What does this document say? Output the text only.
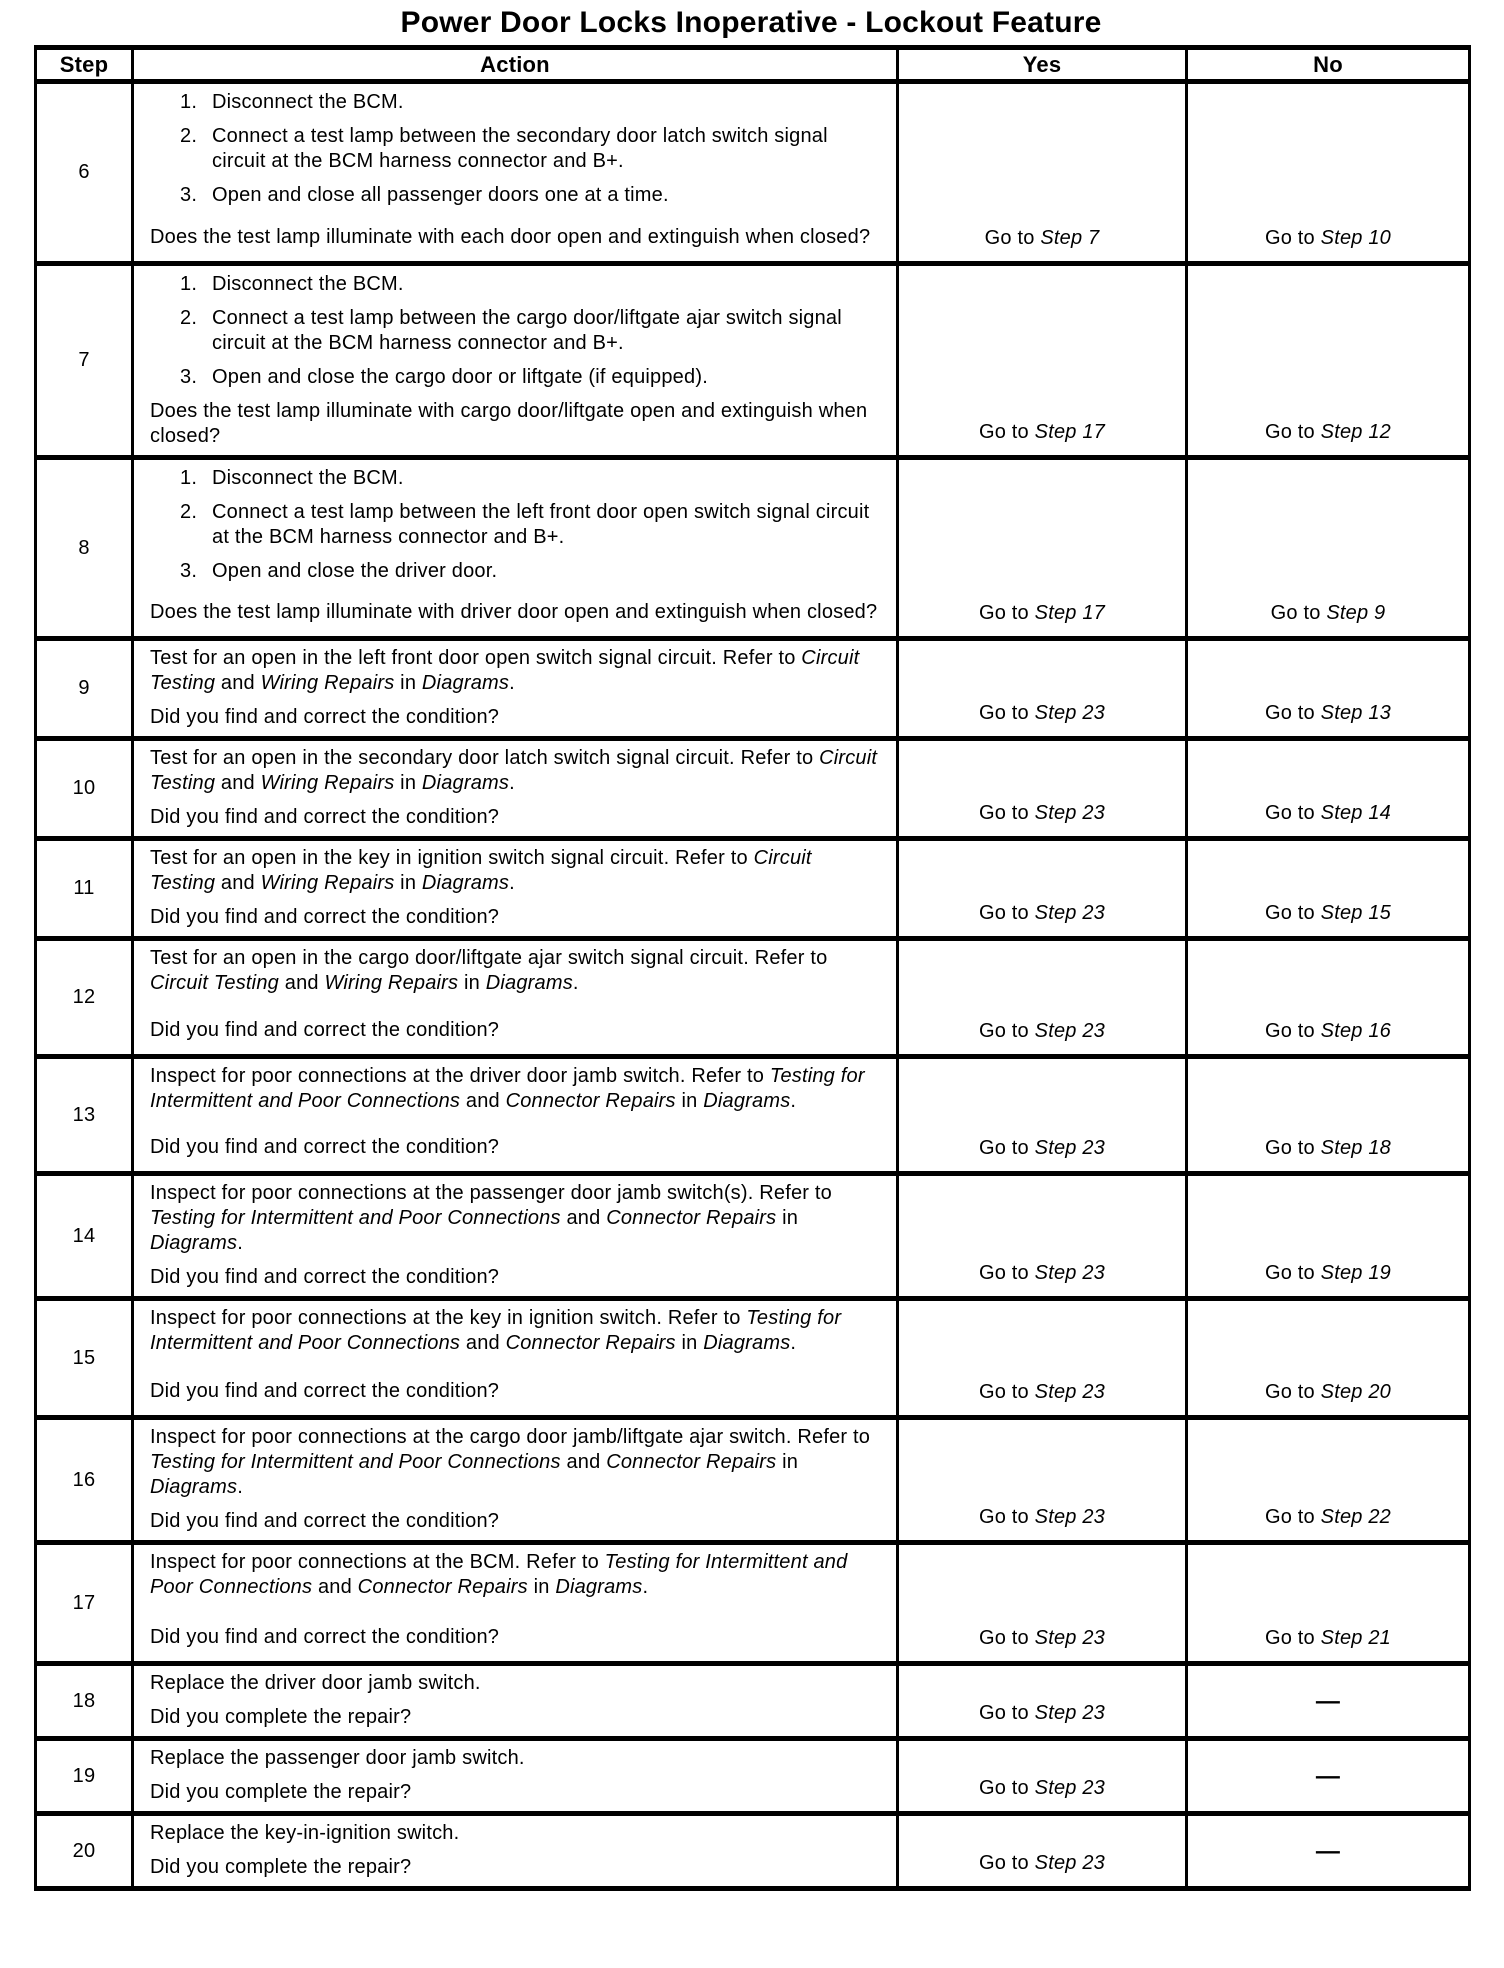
Power Door Locks Inoperative - Lockout Feature
Step	Action	Yes	No
6	
1. Disconnect the BCM.
2. Connect a test lamp between the secondary door latch switch signal circuit at the BCM harness connector and B+.
3. Open and close all passenger doors one at a time.
Does the test lamp illuminate with each door open and extinguish when closed?	Go to Step 7	Go to Step 10
7	
1. Disconnect the BCM.
2. Connect a test lamp between the cargo door/liftgate ajar switch signal circuit at the BCM harness connector and B+.
3. Open and close the cargo door or liftgate (if equipped).
Does the test lamp illuminate with cargo door/liftgate open and extinguish when closed?	Go to Step 17	Go to Step 12
8	
1. Disconnect the BCM.
2. Connect a test lamp between the left front door open switch signal circuit at the BCM harness connector and B+.
3. Open and close the driver door.
Does the test lamp illuminate with driver door open and extinguish when closed?	Go to Step 17	Go to Step 9
9	Test for an open in the left front door open switch signal circuit. Refer to Circuit Testing and Wiring Repairs in Diagrams.
Did you find and correct the condition?	Go to Step 23	Go to Step 13
10	Test for an open in the secondary door latch switch signal circuit. Refer to Circuit Testing and Wiring Repairs in Diagrams.
Did you find and correct the condition?	Go to Step 23	Go to Step 14
11	Test for an open in the key in ignition switch signal circuit. Refer to Circuit Testing and Wiring Repairs in Diagrams.
Did you find and correct the condition?	Go to Step 23	Go to Step 15
12	Test for an open in the cargo door/liftgate ajar switch signal circuit. Refer to Circuit Testing and Wiring Repairs in Diagrams.
Did you find and correct the condition?	Go to Step 23	Go to Step 16
13	Inspect for poor connections at the driver door jamb switch. Refer to Testing for Intermittent and Poor Connections and Connector Repairs in Diagrams.
Did you find and correct the condition?	Go to Step 23	Go to Step 18
14	Inspect for poor connections at the passenger door jamb switch(s). Refer to Testing for Intermittent and Poor Connections and Connector Repairs in Diagrams.
Did you find and correct the condition?	Go to Step 23	Go to Step 19
15	Inspect for poor connections at the key in ignition switch. Refer to Testing for Intermittent and Poor Connections and Connector Repairs in Diagrams.
Did you find and correct the condition?	Go to Step 23	Go to Step 20
16	Inspect for poor connections at the cargo door jamb/liftgate ajar switch. Refer to Testing for Intermittent and Poor Connections and Connector Repairs in Diagrams.
Did you find and correct the condition?	Go to Step 23	Go to Step 22
17	Inspect for poor connections at the BCM. Refer to Testing for Intermittent and Poor Connections and Connector Repairs in Diagrams.
Did you find and correct the condition?	Go to Step 23	Go to Step 21
18	Replace the driver door jamb switch.
Did you complete the repair?	Go to Step 23	—
19	Replace the passenger door jamb switch.
Did you complete the repair?	Go to Step 23	—
20	Replace the key-in-ignition switch.
Did you complete the repair?	Go to Step 23	—
